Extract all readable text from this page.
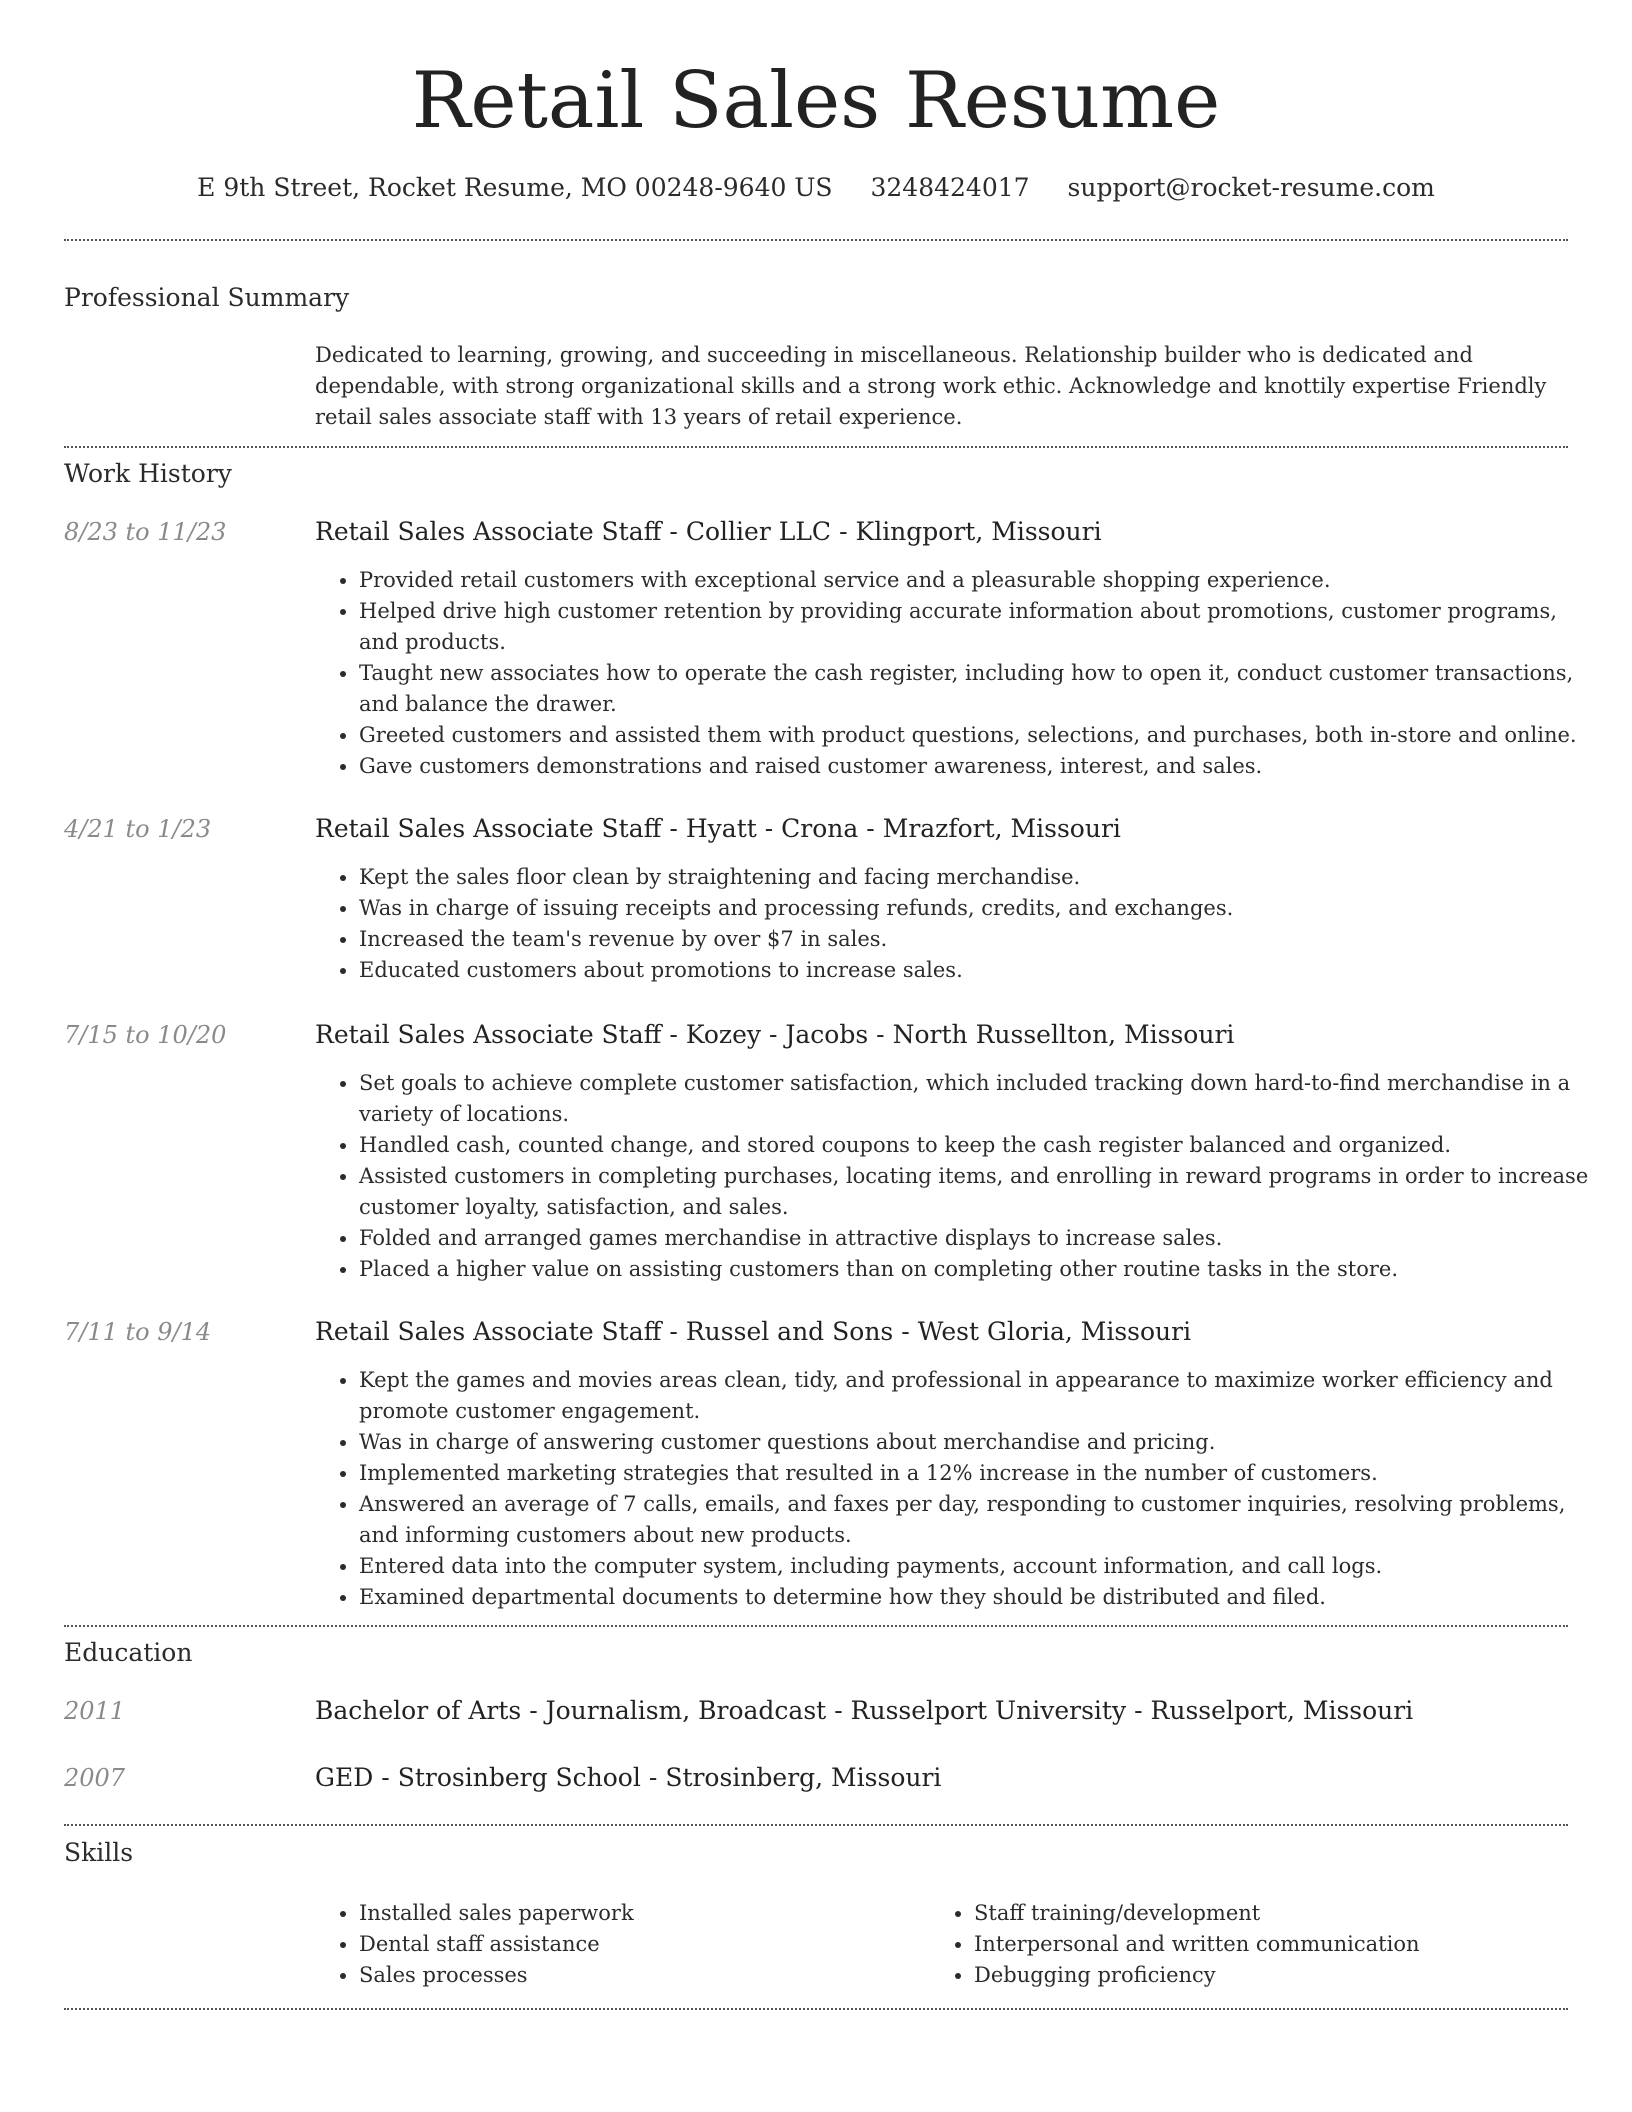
Retail Sales Resume
E 9th Street, Rocket Resume, MO 00248-9640 US 3248424017 support@rocket-resume.com
Professional Summary

Dedicated to learning, growing, and succeeding in miscellaneous. Relationship builder who is dedicated and dependable, with strong organizational skills and a strong work ethic. Acknowledge and knottily expertise Friendly retail sales associate staff with 13 years of retail experience.

Work History
8/23 to 11/23	Retail Sales Associate Staff - Collier LLC - Klingport, Missouri
• Provided retail customers with exceptional service and a pleasurable shopping experience.
• Helped drive high customer retention by providing accurate information about promotions, customer programs, and products.
• Taught new associates how to operate the cash register, including how to open it, conduct customer transactions, and balance the drawer.
• Greeted customers and assisted them with product questions, selections, and purchases, both in-store and online.
• Gave customers demonstrations and raised customer awareness, interest, and sales.
4/21 to 1/23	Retail Sales Associate Staff - Hyatt - Crona - Mrazfort, Missouri
• Kept the sales floor clean by straightening and facing merchandise.
• Was in charge of issuing receipts and processing refunds, credits, and exchanges.
• Increased the team's revenue by over $7 in sales.
• Educated customers about promotions to increase sales.
7/15 to 10/20	Retail Sales Associate Staff - Kozey - Jacobs - North Russellton, Missouri
• Set goals to achieve complete customer satisfaction, which included tracking down hard-to-find merchandise in a variety of locations.
• Handled cash, counted change, and stored coupons to keep the cash register balanced and organized.
• Assisted customers in completing purchases, locating items, and enrolling in reward programs in order to increase customer loyalty, satisfaction, and sales.
• Folded and arranged games merchandise in attractive displays to increase sales.
• Placed a higher value on assisting customers than on completing other routine tasks in the store.
7/11 to 9/14	Retail Sales Associate Staff - Russel and Sons - West Gloria, Missouri
• Kept the games and movies areas clean, tidy, and professional in appearance to maximize worker efficiency and promote customer engagement.
• Was in charge of answering customer questions about merchandise and pricing.
• Implemented marketing strategies that resulted in a 12% increase in the number of customers.
• Answered an average of 7 calls, emails, and faxes per day, responding to customer inquiries, resolving problems, and informing customers about new products.
• Entered data into the computer system, including payments, account information, and call logs.
• Examined departmental documents to determine how they should be distributed and filed.
Education
2011	Bachelor of Arts - Journalism, Broadcast - Russelport University - Russelport, Missouri
2007	GED - Strosinberg School - Strosinberg, Missouri
Skills
• Installed sales paperwork
• Dental staff assistance
• Sales processes
• Staff training/development
• Interpersonal and written communication
• Debugging proficiency
